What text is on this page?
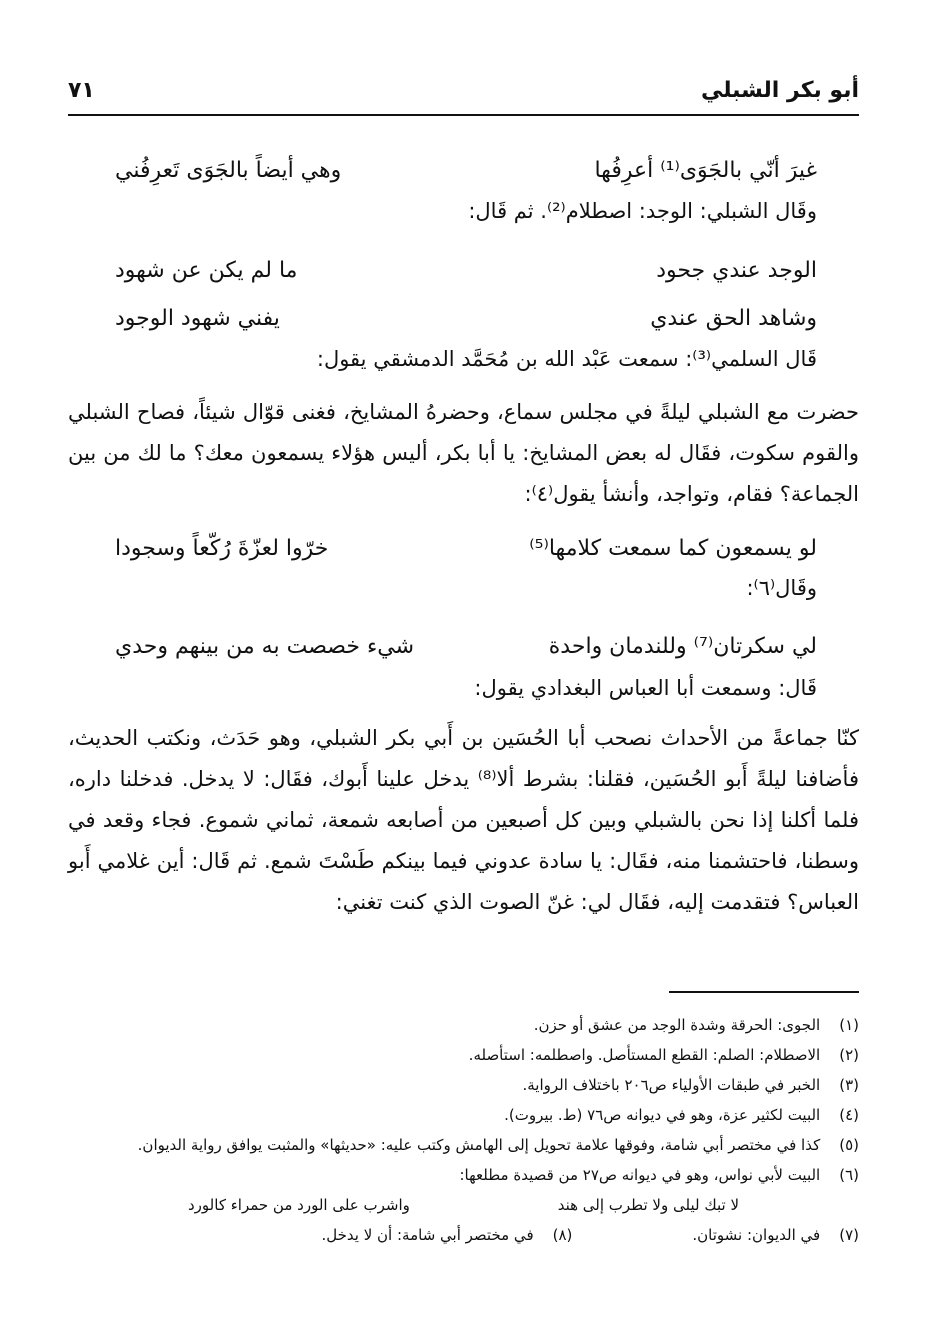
أبو بكر الشبلي
٧١
غيرَ أنّي بالجَوَى⁽¹⁾ أعرِفُها
وهي أيضاً بالجَوَى تَعرِفُني
وقَال الشبلي: الوجد: اصطلام⁽²⁾. ثم قَال:
الوجد عندي جحود
ما لم يكن عن شهود
وشاهد الحق عندي
يفني شهود الوجود
قَال السلمي⁽³⁾: سمعت عَبْد الله بن مُحَمَّد الدمشقي يقول:
حضرت مع الشبلي ليلةً في مجلس سماع، وحضرهُ المشايخ، فغنى قوّال شيئاً، فصاح الشبلي والقوم سكوت، فقَال له بعض المشايخ: يا أبا بكر، أليس هؤلاء يسمعون معك؟ ما لك من بين الجماعة؟ فقام، وتواجد، وأنشأ يقول⁽٤⁾:
لو يسمعون كما سمعت كلامها⁽⁵⁾
خرّوا لعزّةَ رُكّعاً وسجودا
وقَال⁽٦⁾:
لي سكرتان⁽⁷⁾ وللندمان واحدة
شيء خصصت به من بينهم وحدي
قَال: وسمعت أبا العباس البغدادي يقول:
كنّا جماعةً من الأحداث نصحب أبا الحُسَين بن أَبي بكر الشبلي، وهو حَدَث، ونكتب الحديث، فأضافنا ليلةً أَبو الحُسَين، فقلنا: بشرط ألا⁽⁸⁾ يدخل علينا أَبوك، فقَال: لا يدخل. فدخلنا داره، فلما أكلنا إذا نحن بالشبلي وبين كل أصبعين من أصابعه شمعة، ثماني شموع. فجاء وقعد في وسطنا، فاحتشمنا منه، فقَال: يا سادة عدوني فيما بينكم طَسْتَ شمع. ثم قَال: أين غلامي أَبو العباس؟ فتقدمت إليه، فقَال لي: غنّ الصوت الذي كنت تغني:
(١) الجوى: الحرقة وشدة الوجد من عشق أو حزن.
(٢) الاصطلام: الصلم: القطع المستأصل. واصطلمه: استأصله.
(٣) الخبر في طبقات الأولياء ص٢٠٦ باختلاف الرواية.
(٤) البيت لكثير عزة، وهو في ديوانه ص٧٦ (ط. بيروت).
(٥) كذا في مختصر أبي شامة، وفوقها علامة تحويل إلى الهامش وكتب عليه: «حديثها» والمثبت يوافق رواية الديوان.
(٦) البيت لأبي نواس، وهو في ديوانه ص٢٧ من قصيدة مطلعها:
لا تبك ليلى ولا تطرب إلى هند
واشرب على الورد من حمراء كالورد
(٧) في الديوان: نشوتان.
(٨) في مختصر أبي شامة: أن لا يدخل.
